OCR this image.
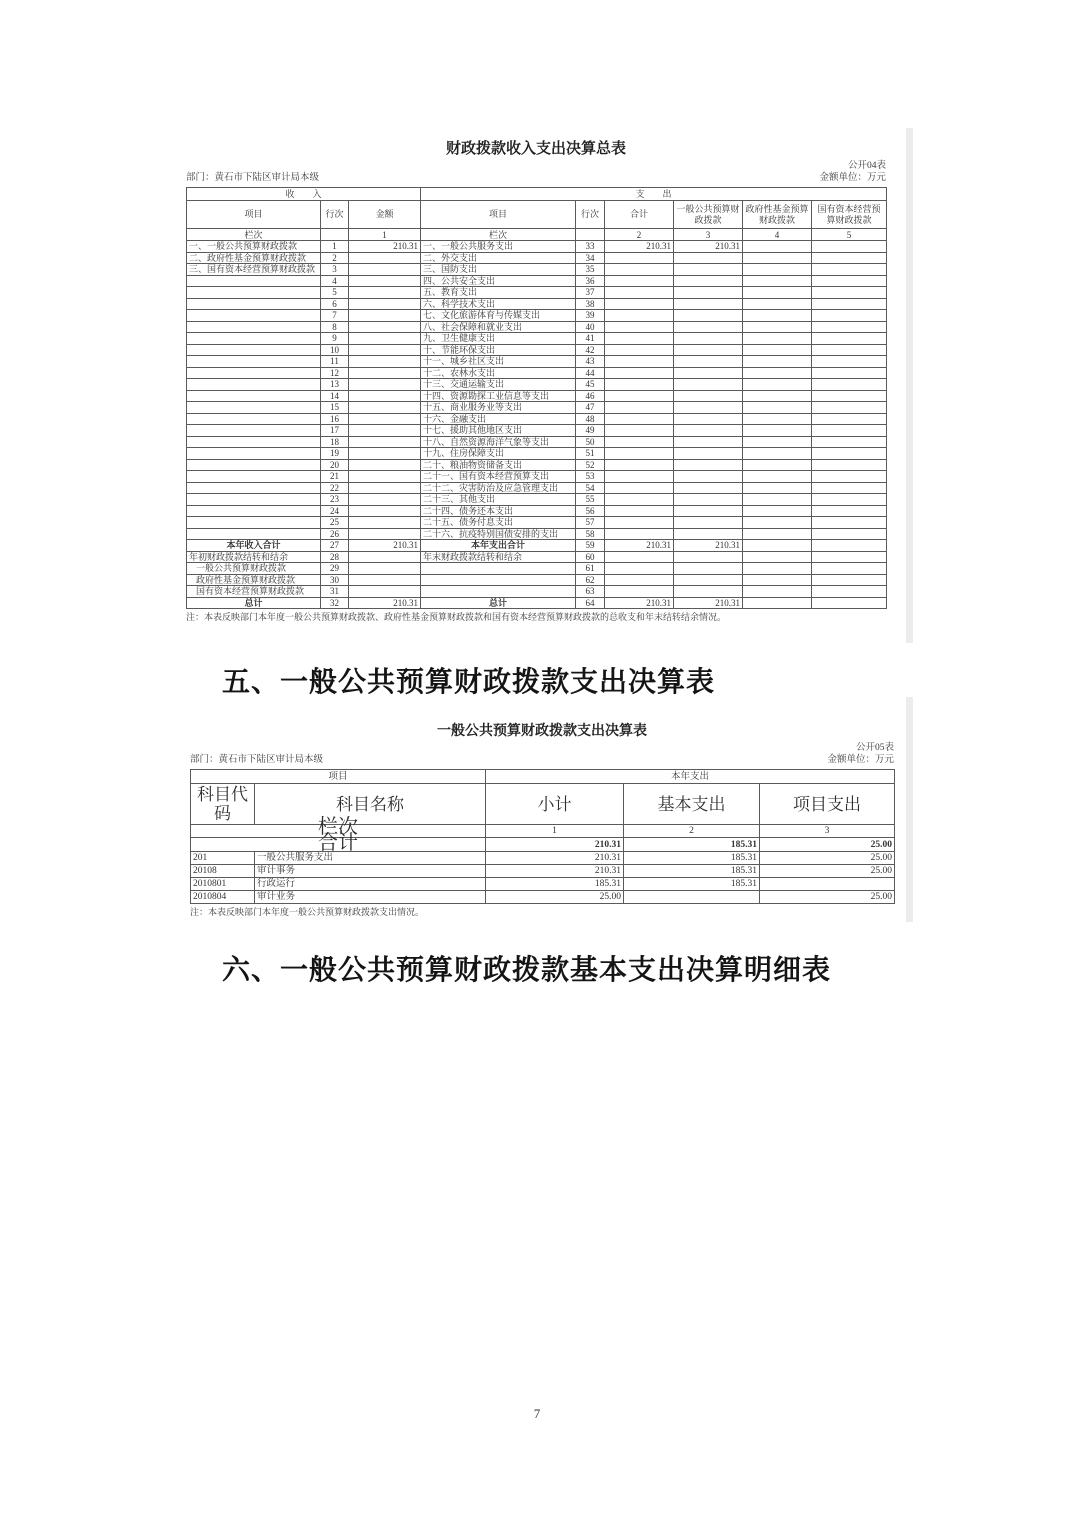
财政拨款收入支出决算总表
公开04表
部门：黄石市下陆区审计局本级	金额单位：万元
收　　入			支　　出					
项目	行次	金额	项目	行次	合计	一般公共预算财政拨款	政府性基金预算财政拨款	国有资本经营预算财政拨款
栏次		1	栏次		2	3	4	5
一、一般公共预算财政拨款	1	210.31	一、一般公共服务支出	33	210.31	210.31		
二、政府性基金预算财政拨款	2		二、外交支出	34				
三、国有资本经营预算财政拨款	3		三、国防支出	35				
	4		四、公共安全支出	36				
	5		五、教育支出	37				
	6		六、科学技术支出	38				
	7		七、文化旅游体育与传媒支出	39				
	8		八、社会保障和就业支出	40				
	9		九、卫生健康支出	41				
	10		十、节能环保支出	42				
	11		十一、城乡社区支出	43				
	12		十二、农林水支出	44				
	13		十三、交通运输支出	45				
	14		十四、资源勘探工业信息等支出	46				
	15		十五、商业服务业等支出	47				
	16		十六、金融支出	48				
	17		十七、援助其他地区支出	49				
	18		十八、自然资源海洋气象等支出	50				
	19		十九、住房保障支出	51				
	20		二十、粮油物资储备支出	52				
	21		二十一、国有资本经营预算支出	53				
	22		二十二、灾害防治及应急管理支出	54				
	23		二十三、其他支出	55				
	24		二十四、债务还本支出	56				
	25		二十五、债务付息支出	57				
	26		二十六、抗疫特别国债安排的支出	58				
本年收入合计	27	210.31	本年支出合计	59	210.31	210.31		
年初财政拨款结转和结余	28		年末财政拨款结转和结余	60				
一般公共预算财政拨款	29			61				
政府性基金预算财政拨款	30			62				
国有资本经营预算财政拨款	31			63				
总计	32	210.31	总计	64	210.31	210.31		
注：本表反映部门本年度一般公共预算财政拨款、政府性基金预算财政拨款和国有资本经营预算财政拨款的总收支和年末结转结余情况。
五、一般公共预算财政拨款支出决算表
一般公共预算财政拨款支出决算表
公开05表
部门：黄石市下陆区审计局本级	金额单位：万元
项目		本年支出		
科目代码	科目名称	小计	基本支出	项目支出

栏次		1	2	3

合计		210.31	185.31	25.00
201	一般公共服务支出	210.31	185.31	25.00
20108	审计事务	210.31	185.31	25.00
2010801	行政运行	185.31	185.31	
2010804	审计业务	25.00		25.00
注：本表反映部门本年度一般公共预算财政拨款支出情况。
六、一般公共预算财政拨款基本支出决算明细表
7
